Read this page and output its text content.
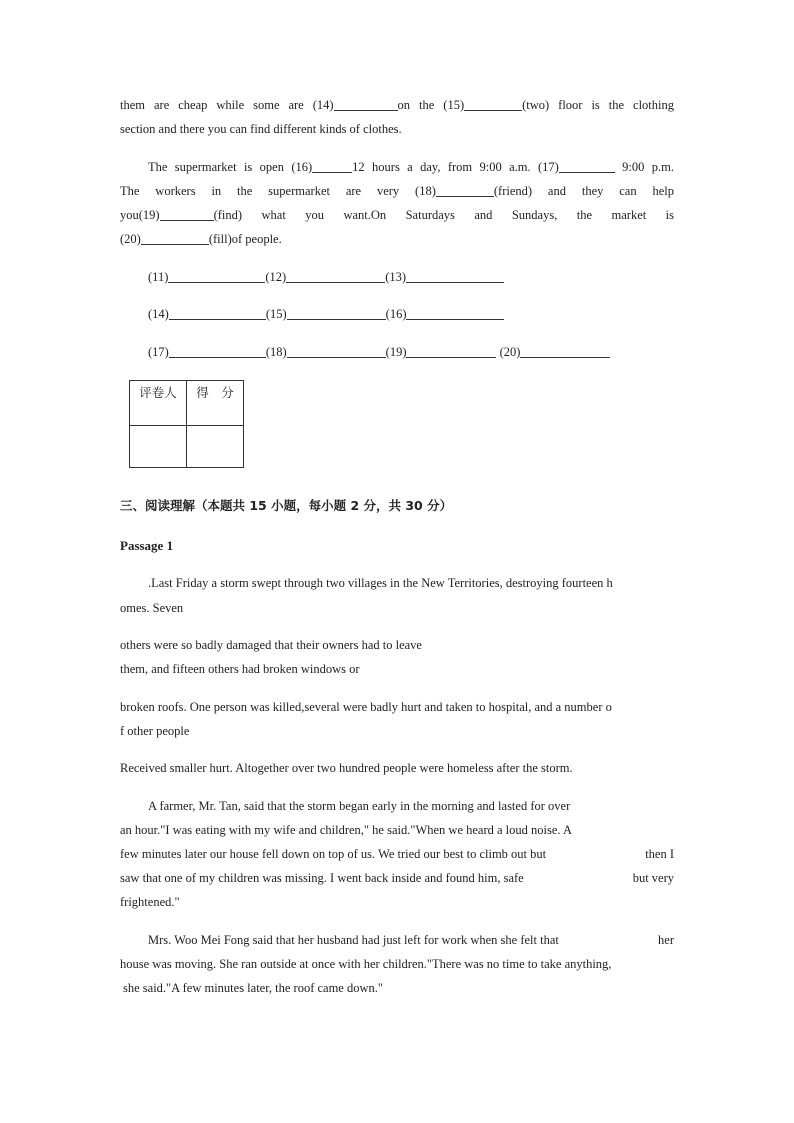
them are cheap while some are (14)	on the (15)	(two) floor is the clothing
section and there you can find different kinds of clothes.
The supermarket is open (16)	12 hours a day, from 9:00 a.m. (17)	9:00 p.m.
The workers in the supermarket are very (18)	(friend) and they can help
you(19)	(find) what you want.On Saturdays and Sundays, the market is
(20)	(fill)of people.
(11)	(12)	(13)
(14)	(15)	(16)
(17)	(18)	(19)	(20)
评卷人	得　分

三、阅读理解（本题共 15 小题，每小题 2 分，共 30 分）
Passage 1
.Last Friday a storm swept through two villages in the New Territories, destroying fourteen h
omes. Seven
others were so badly damaged that their owners had to leave
them, and fifteen others had broken windows or
broken roofs. One person was killed,several were badly hurt and taken to hospital, and a number o
f other people
Received smaller hurt. Altogether over two hundred people were homeless after the storm.
A farmer, Mr. Tan, said that the storm began early in the morning and lasted for over
an hour."I was eating with my wife and children," he said."When we heard a loud noise. A
few minutes later our house fell down on top of us. We tried our best to climb out but	then I
saw that one of my children was missing. I went back inside and found him, safe	but very
frightened."
Mrs. Woo Mei Fong said that her husband had just left for work when she felt that	her
house was moving. She ran outside at once with her children."There was no time to take anything,
she said."A few minutes later, the roof came down."
